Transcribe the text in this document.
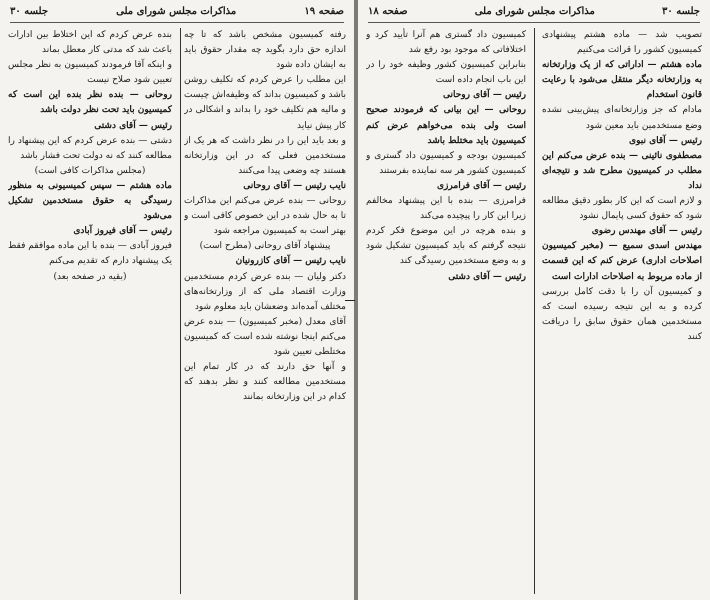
صفحه ۱۹
مذاکرات مجلس شورای ملی
جلسه ۳۰

رفته کمیسیون مشخص باشد که تا چه اندازه حق دارد بگوید چه مقدار حقوق باید به ایشان داده شود

این مطلب را عرض کردم که تکلیف روشن باشد و کمیسیون بداند که وظیفه‌اش چیست و مالیه هم تکلیف خود را بداند و اشکالی در کار پیش نیاید

و بعد باید این را در نظر داشت که هر یک از مستخدمین فعلی که در این وزارتخانه هستند چه وضعی پیدا می‌کنند

نایب رئیس — آقای روحانی

روحانی — بنده عرض می‌کنم این مذاکرات تا به حال شده در این خصوص کافی است و بهتر است به کمیسیون مراجعه شود

پیشنهاد آقای روحانی (مطرح است)

نایب رئیس — آقای کازرونیان

دکتر ولیان — بنده عرض کردم مستخدمین وزارت اقتصاد ملی که از وزارتخانه‌های مختلف آمده‌اند وضعشان باید معلوم شود

آقای معدل (مخبر کمیسیون) — بنده عرض می‌کنم اینجا نوشته شده است که کمیسیون مختلطی تعیین شود

و آنها حق دارند که در کار تمام این مستخدمین مطالعه کنند و نظر بدهند که کدام در این وزارتخانه بمانند

بنده عرض کردم که این اختلاط بین ادارات باعث شد که مدتی کار معطل بماند

و اینکه آقا فرمودند کمیسیون به نظر مجلس تعیین شود صلاح نیست

روحانی — بنده نظر بنده این است که کمیسیون باید تحت نظر دولت باشد

رئیس — آقای دشتی

دشتی — بنده عرض کردم که این پیشنهاد را مطالعه کنند که نه دولت تحت فشار باشد

(مجلس مذاکرات کافی است)

ماده هشتم — سپس کمیسیونی به منظور رسیدگی به حقوق مستخدمین تشکیل می‌شود

رئیس — آقای فیروز آبادی

فیروز آبادی — بنده با این ماده موافقم فقط یک پیشنهاد دارم که تقدیم می‌کنم

(بقیه در صفحه بعد)

جلسه ۳۰
مذاکرات مجلس شورای ملی
صفحه ۱۸

تصویب شد — ماده هشتم پیشنهادی کمیسیون کشور را قرائت می‌کنیم

ماده هشتم — اداراتی که از یک وزارتخانه به وزارتخانه دیگر منتقل می‌شود با رعایت قانون استخدام

مادام که جز وزارتخانه‌ای پیش‌بینی نشده وضع مستخدمین باید معین شود

رئیس — آقای نبوی

مصطفوی نائینی — بنده عرض می‌کنم این مطلب در کمیسیون مطرح شد و نتیجه‌ای نداد

و لازم است که این کار بطور دقیق مطالعه شود که حقوق کسی پایمال نشود

رئیس — آقای مهندس رضوی

مهندس اسدی سمیع — (مخبر کمیسیون اصلاحات اداری) عرض کنم که این قسمت از ماده مربوط به اصلاحات ادارات است

و کمیسیون آن را با دقت کامل بررسی کرده و به این نتیجه رسیده است که مستخدمین همان حقوق سابق را دریافت کنند

کمیسیون داد گستری هم آنرا تأیید کرد و اختلافاتی که موجود بود رفع شد

بنابراین کمیسیون کشور وظیفه خود را در این باب انجام داده است

رئیس — آقای روحانی

روحانی — این بیانی که فرمودند صحیح است ولی بنده می‌خواهم عرض کنم کمیسیون باید مختلط باشد

کمیسیون بودجه و کمیسیون داد گستری و کمیسیون کشور هر سه نماینده بفرستند

رئیس — آقای فرامرزی

فرامرزی — بنده با این پیشنهاد مخالفم زیرا این کار را پیچیده می‌کند

و بنده هرچه در این موضوع فکر کردم نتیجه گرفتم که باید کمیسیون تشکیل شود و به وضع مستخدمین رسیدگی کند

رئیس — آقای دشتی
